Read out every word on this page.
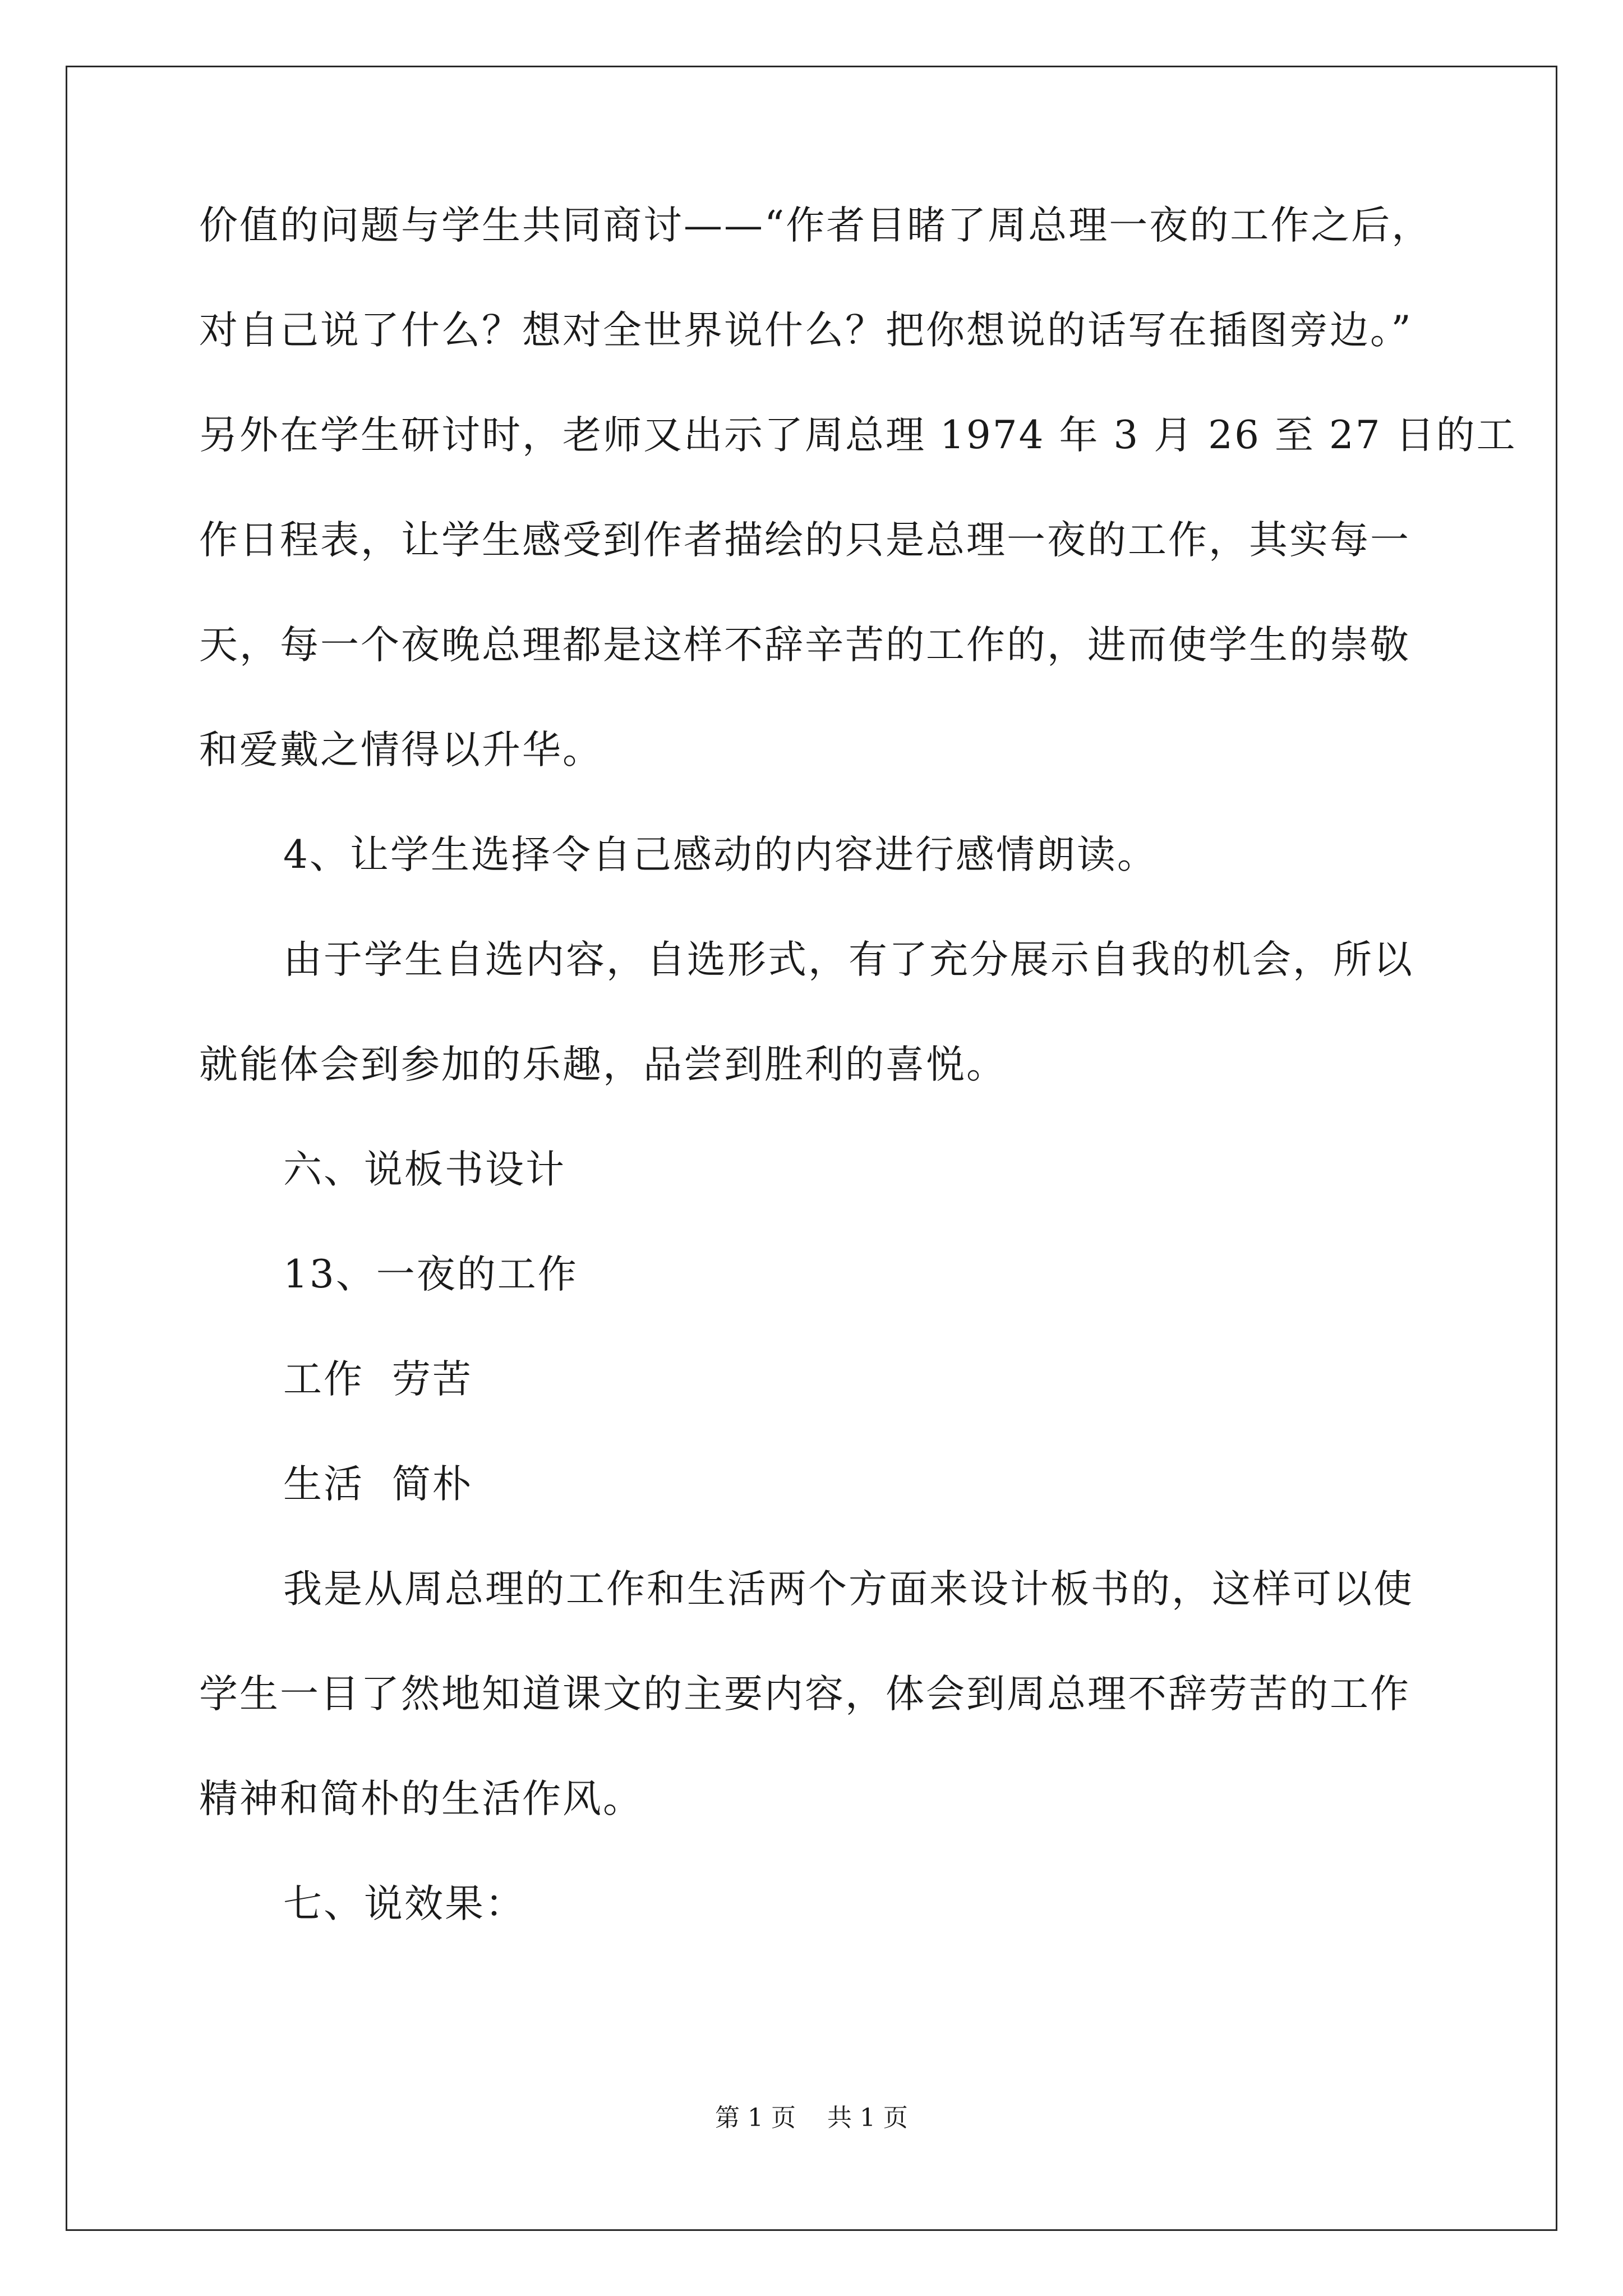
价值的问题与学生共同商讨——“作者目睹了周总理一夜的工作之后，
对自己说了什么？想对全世界说什么？把你想说的话写在插图旁边。”
另外在学生研讨时，老师又出示了周总理 1974 年 3 月 26 至 27 日的工
作日程表，让学生感受到作者描绘的只是总理一夜的工作，其实每一
天，每一个夜晚总理都是这样不辞辛苦的工作的，进而使学生的崇敬
和爱戴之情得以升华。
4、让学生选择令自己感动的内容进行感情朗读。
由于学生自选内容，自选形式，有了充分展示自我的机会，所以
就能体会到参加的乐趣，品尝到胜利的喜悦。
六、说板书设计
13、一夜的工作
工作  劳苦
生活  简朴
我是从周总理的工作和生活两个方面来设计板书的，这样可以使
学生一目了然地知道课文的主要内容，体会到周总理不辞劳苦的工作
精神和简朴的生活作风。
七、说效果：
第 1 页    共 1 页
